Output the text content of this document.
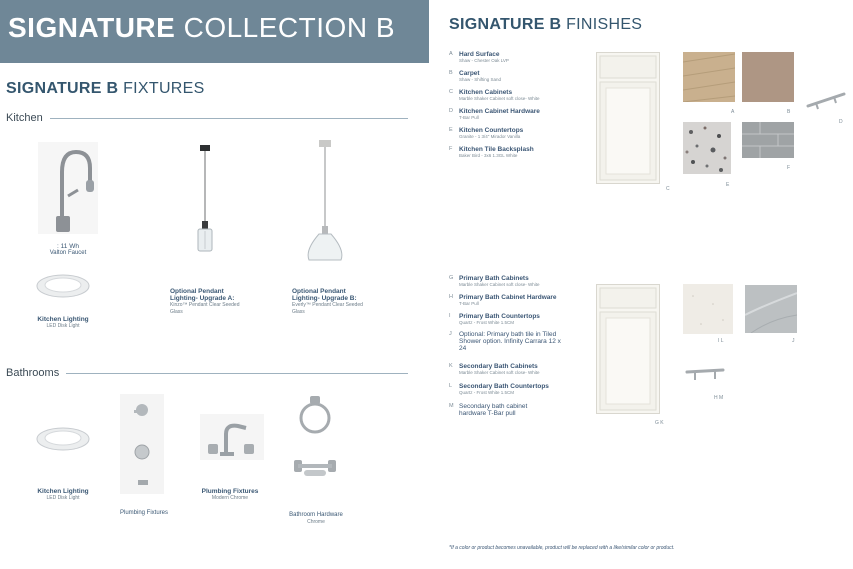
SIGNATURE COLLECTION B
SIGNATURE B FIXTURES
Kitchen
: 11 Wh
Valton Faucet
Kitchen Lighting
LED Disk Light
Optional Pendant Lighting- Upgrade A:
Kinzo™ Pendant Clear Seeded Glass
Optional Pendant Lighting- Upgrade B:
Everly™ Pendant Clear Seeded Glass
Bathrooms
Kitchen Lighting
LED Disk Light
Plumbing Fixtures
Plumbing Fixtures
Modern Chrome
Bathroom Hardware
Chrome
SIGNATURE B FINISHES
A Hard Surface
Shaw - Chester Oak LVP
B Carpet
Shaw - Shifting Sand
C Kitchen Cabinets
Marble Shaker Cabinet soft close- White
D Kitchen Cabinet Hardware
T-Bar Pull
E Kitchen Countertops
Granite - 1 3/4" Mirador Vanilla
F Kitchen Tile Backsplash
Baker Bird - 3x6 1.3GL White
C
A	B
D
E
F
G Primary Bath Cabinets
Marble Shaker Cabinet soft close- White
H Primary Bath Cabinet Hardware
T-Bar Pull
I Primary Bath Countertops
Quartz - Frost White 1.5CM
J Optional: Primary bath tile in Tiled Shower option. Infinity Carrara 12 x 24
K Secondary Bath Cabinets
Marble Shaker Cabinet soft close- White
L Secondary Bath Countertops
Quartz - Frost White 1.5CM
M Secondary bath cabinet hardware T-Bar pull
G K
I L	J
H M
*If a color or product becomes unavailable, product will be replaced with a like/similar color or product.
